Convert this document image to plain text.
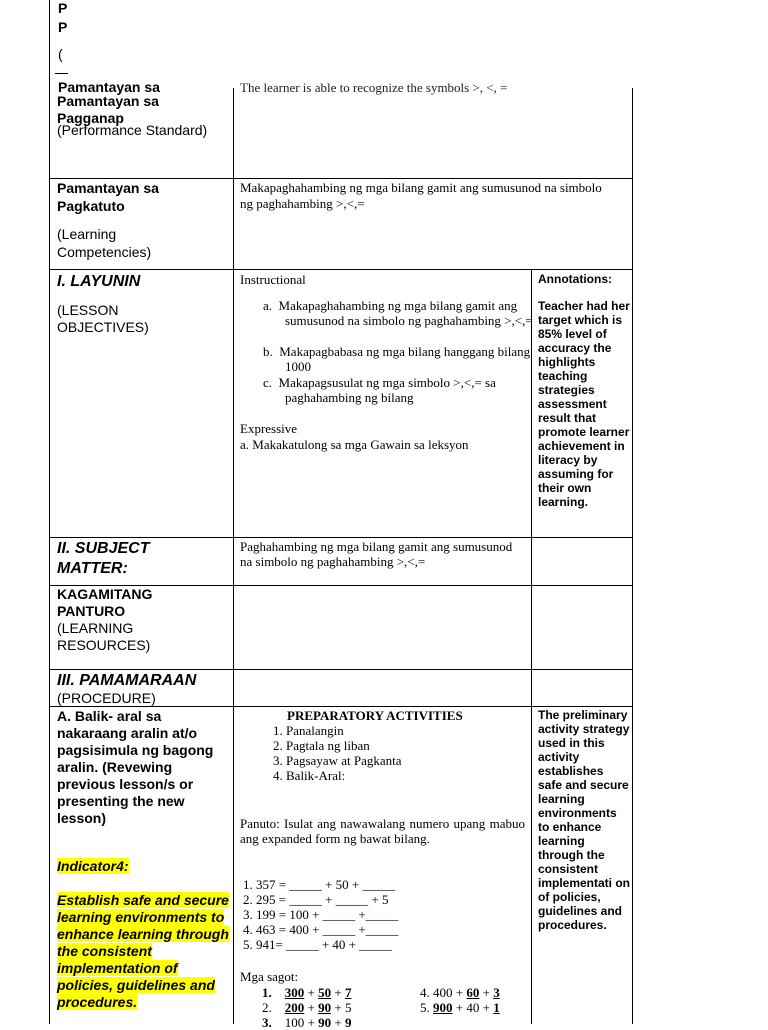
P
P
(
Pamantayan sa	The learner is able to recognize the symbols >, <, =
Pamantayan sa Pagganap
(Performance Standard)
Pamantayan sa Pagkatuto
(Learning Competencies)
Makapaghahambing ng mga bilang gamit ang sumusunod na simbolo ng paghahambing >,<,=
I. LAYUNIN
(LESSON OBJECTIVES)
Instructional
a.  Makapaghahambing ng mga bilang gamit ang sumusunod na simbolo ng paghahambing >,<,=
b.  Makapagbabasa ng mga bilang hanggang bilang 1000
c.  Makapagsusulat ng mga simbolo >,<,= sa paghahambing ng bilang
Expressive
a. Makakatulong sa mga Gawain sa leksyon
Annotations:
Teacher had her target which is 85% level of accuracy the highlights teaching strategies assessment result that promote learner achievement in literacy by assuming for their own learning.
II. SUBJECT MATTER:
Paghahambing ng mga bilang gamit ang sumusunod na simbolo ng paghahambing >,<,=
KAGAMITANG PANTURO
(LEARNING RESOURCES)
III. PAMAMARAAN
(PROCEDURE)
A. Balik- aral sa nakaraang aralin at/o pagsisimula ng bagong aralin. (Revewing previous lesson/s or presenting the new lesson)
Indicator4:
Establish safe and secure learning environments to enhance learning through the consistent implementation of policies, guidelines and procedures.
PREPARATORY ACTIVITIES
1. Panalangin
2. Pagtala ng liban
3. Pagsayaw at Pagkanta
4. Balik-Aral:
Panuto: Isulat ang nawawalang numero upang mabuo ang expanded form ng bawat bilang.
1. 357 = _____ + 50 + _____
2. 295 = _____ + _____ + 5
3. 199 = 100 + _____ +_____
4. 463 = 400 + _____ +_____
5. 941= _____ + 40 + _____
Mga sagot:
1. 300 + 50 + 7
2. 200 + 90 + 5
3. 100 + 90 + 9
4. 400 + 60 + 3
5. 900 + 40 + 1
The preliminary activity strategy used in this activity establishes safe and secure learning environments to enhance learning through the consistent implementati on of policies, guidelines and procedures.
